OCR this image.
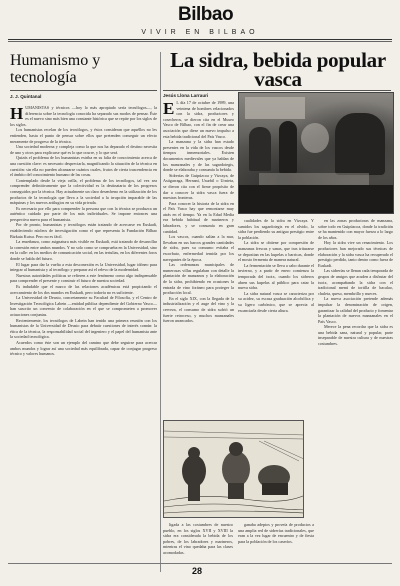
Bilbao
VIVIR EN BILBAO
Humanismo y tecnología
J. J. Quintanal

HUMANISTAS y técnicos —hoy lo más apropiado sería tecnólogos—, la diferencia sobre la tecnología conocida ha separado sus modos de pensar. Éste es el nuevo sino más bien una constante histórica que se repite por los siglos de los siglos.

Los humanistas recelan de los tecnólogos, y éstos consideran que aquéllos no les entienden, hasta el punto de pensar sobre ellos que pretenden conseguir un efecto meramente de progreso de la técnica.

Una sociedad moderna y compleja como la que nos ha deparado el destino necesita de uno y otros para explicarse qué es lo que ocurre, y lo que será.

Quizás el problema de los humanistas estriba en su falta de conocimiento acerca de una cuestión clave: es necesario despreciarla, magnificando la situación de la técnica en cuestión: sin ella no pueden alcanzarse cuántos cuales, frutos de cierta trascendencia en el ámbito del conocimiento humano de las cosas.

Contemplado desde la vieja orilla, el problema de los tecnólogos, tal vez sea comprender definitivamente que la colectividad es la destinataria de los progresos conseguidos por la técnica. Hay actualmente un claro desenfreno en la utilización de los productos de la tecnología que lleva a la sociedad a la irrupción imparable de las máquinas y los nuevos artilugios en su vida privada.

Es necesario por ello para comprender la persona que con la técnica se produzca un auténtico cuidado por parte de los más individuales. Se impone entonces una perspectiva nueva para el humanista.

Por de pronto, humanistas y tecnólogos están tratando de acercarse en Euskadi, estableciendo núcleos de investigación como el que representa la Fundación Bilbao Bizkaia Kutxa. Pero no es fácil.

La enseñanza, como asignatura más visible en Euskadi, está tratando de desarrollar la conexión entre ambos mundos. Y no solo como se comprueba en la Universidad, sino en la calle: en los medios de comunicación social, en las tertulias, en los diferentes foros donde se habla del futuro.

El lugar para dar la vuelta a esta desconexión es la Universidad, lugar idóneo para integrar al humanista y al tecnólogo y preparar así el relevo de la modernidad.

Nuestras autoridades políticas se refieren a este fenómeno como algo indispensable para comprender el presente y construir el futuro de nuestra sociedad.

Es indudable que el marco de las relaciones académicas está propiciando el acercamiento de los dos mundos en Euskadi, pero todavía no es suficiente.

La Universidad de Deusto, concretamente su Facultad de Filosofía, y el Centro de Investigación Tecnológica Labein —entidad pública dependiente del Gobierno Vasco— han suscrito un convenio de colaboración en el que se comprometen a promover actuaciones conjuntas.

Recientemente, los tecnólogos de Labein han tenido una primera reunión con los humanistas de la Universidad de Deusto para debatir cuestiones de interés común: la ética de la técnica, la responsabilidad social del ingeniero y el papel del humanista ante la sociedad tecnológica.

Acuerdos como éste son un ejemplo del camino que debe seguirse para acercar ambos mundos y lograr así una sociedad más equilibrada, capaz de conjugar progreso técnico y valores humanos.

La sidra, bebida popular vasca
Jesús Llona Larrauri

E L día 17 de octubre de 1989, una veintena de hombres relacionados con la sidra, productores y cosecheros, se dieron cita en el Museo Vasco de Bilbao, con el fin de crear una asociación que diese un nuevo impulso a esta bebida tradicional del País Vasco.

La manzana y la sidra han estado presentes en la vida de los vascos desde tiempos inmemoriales. Existen documentos medievales que ya hablan de los manzanales y de las sagardotegis, donde se elaboraba y consumía la bebida.

Sidrerías de Guipúzcoa y Vizcaya, de Astigarraga, Hernani, Usurbil o Urnieta, se dieron cita con el firme propósito de dar a conocer la sidra vasca fuera de nuestras fronteras.

Para conocer la historia de la sidra en el País Vasco hay que remontarse muy atrás en el tiempo. Ya en la Edad Media era bebida habitual de marineros y labradores, y se consumía en gran cantidad.

Los vascos, cuando salían a la mar, llevaban en sus barcos grandes cantidades de sidra, pues su consumo evitaba el escorbuto, enfermedad temida por los navegantes de la época.

Las ordenanzas municipales de numerosas villas regulaban con detalle la plantación de manzanos y la elaboración de la sidra, prohibiendo en ocasiones la entrada de vino foráneo para proteger la producción local.

En el siglo XIX, con la llegada de la industrialización y el auge del vino y la cerveza, el consumo de sidra sufrió un fuerte retroceso, y muchos manzanales fueron arrancados.

cualidades de la sidra en Vizcaya. Y sumidos los sagardotegis en el olvido, la sidra fue perdiendo su antiguo prestigio entre la población.

La sidra se obtiene por compresión de manzanas frescas y sanas, que tras triturarse se depositan en las kupelas o barricas, donde el mosto fermenta de manera natural.

La fermentación se lleva a cabo durante el invierno, y a partir de enero comienza la temporada del txotx, cuando los sidreros abren sus kupelas al público para catar la nueva sidra.

La sidra natural vasca se caracteriza por su acidez, su escasa graduación alcohólica y su ligero carbónico, que se aprecia al escanciarla desde cierta altura.

en las zonas productoras de manzana, sobre todo en Guipúzcoa, donde la tradición se ha mantenido con mayor fuerza a lo largo de los años.

Hoy la sidra vive un renacimiento. Los productores han mejorado sus técnicas de elaboración y la sidra vasca ha recuperado el prestigio perdido, tanto dentro como fuera de Euskadi.

Las sidrerías se llenan cada temporada de grupos de amigos que acuden a disfrutar del txotx, acompañando la sidra con el tradicional menú de tortilla de bacalao, chuleta, queso, membrillo y nueces.

La nueva asociación pretende además impulsar la denominación de origen, garantizar la calidad del producto y fomentar la plantación de nuevos manzanales en el País Vasco.

Merece la pena recordar que la sidra es una bebida sana, natural y popular, parte inseparable de nuestra cultura y de nuestras costumbres.

ligada a las costumbres de nuestro pueblo, en los siglos XVII y XVIII la sidra era considerada la bebida de los pobres, de los labradores y marineros, mientras el vino quedaba para las clases acomodadas.

ganaba adeptos y proveía de productos a una amplia red de sidrerías tradicionales, que eran a la vez lugar de encuentro y de fiesta para la población de los caseríos.

28
